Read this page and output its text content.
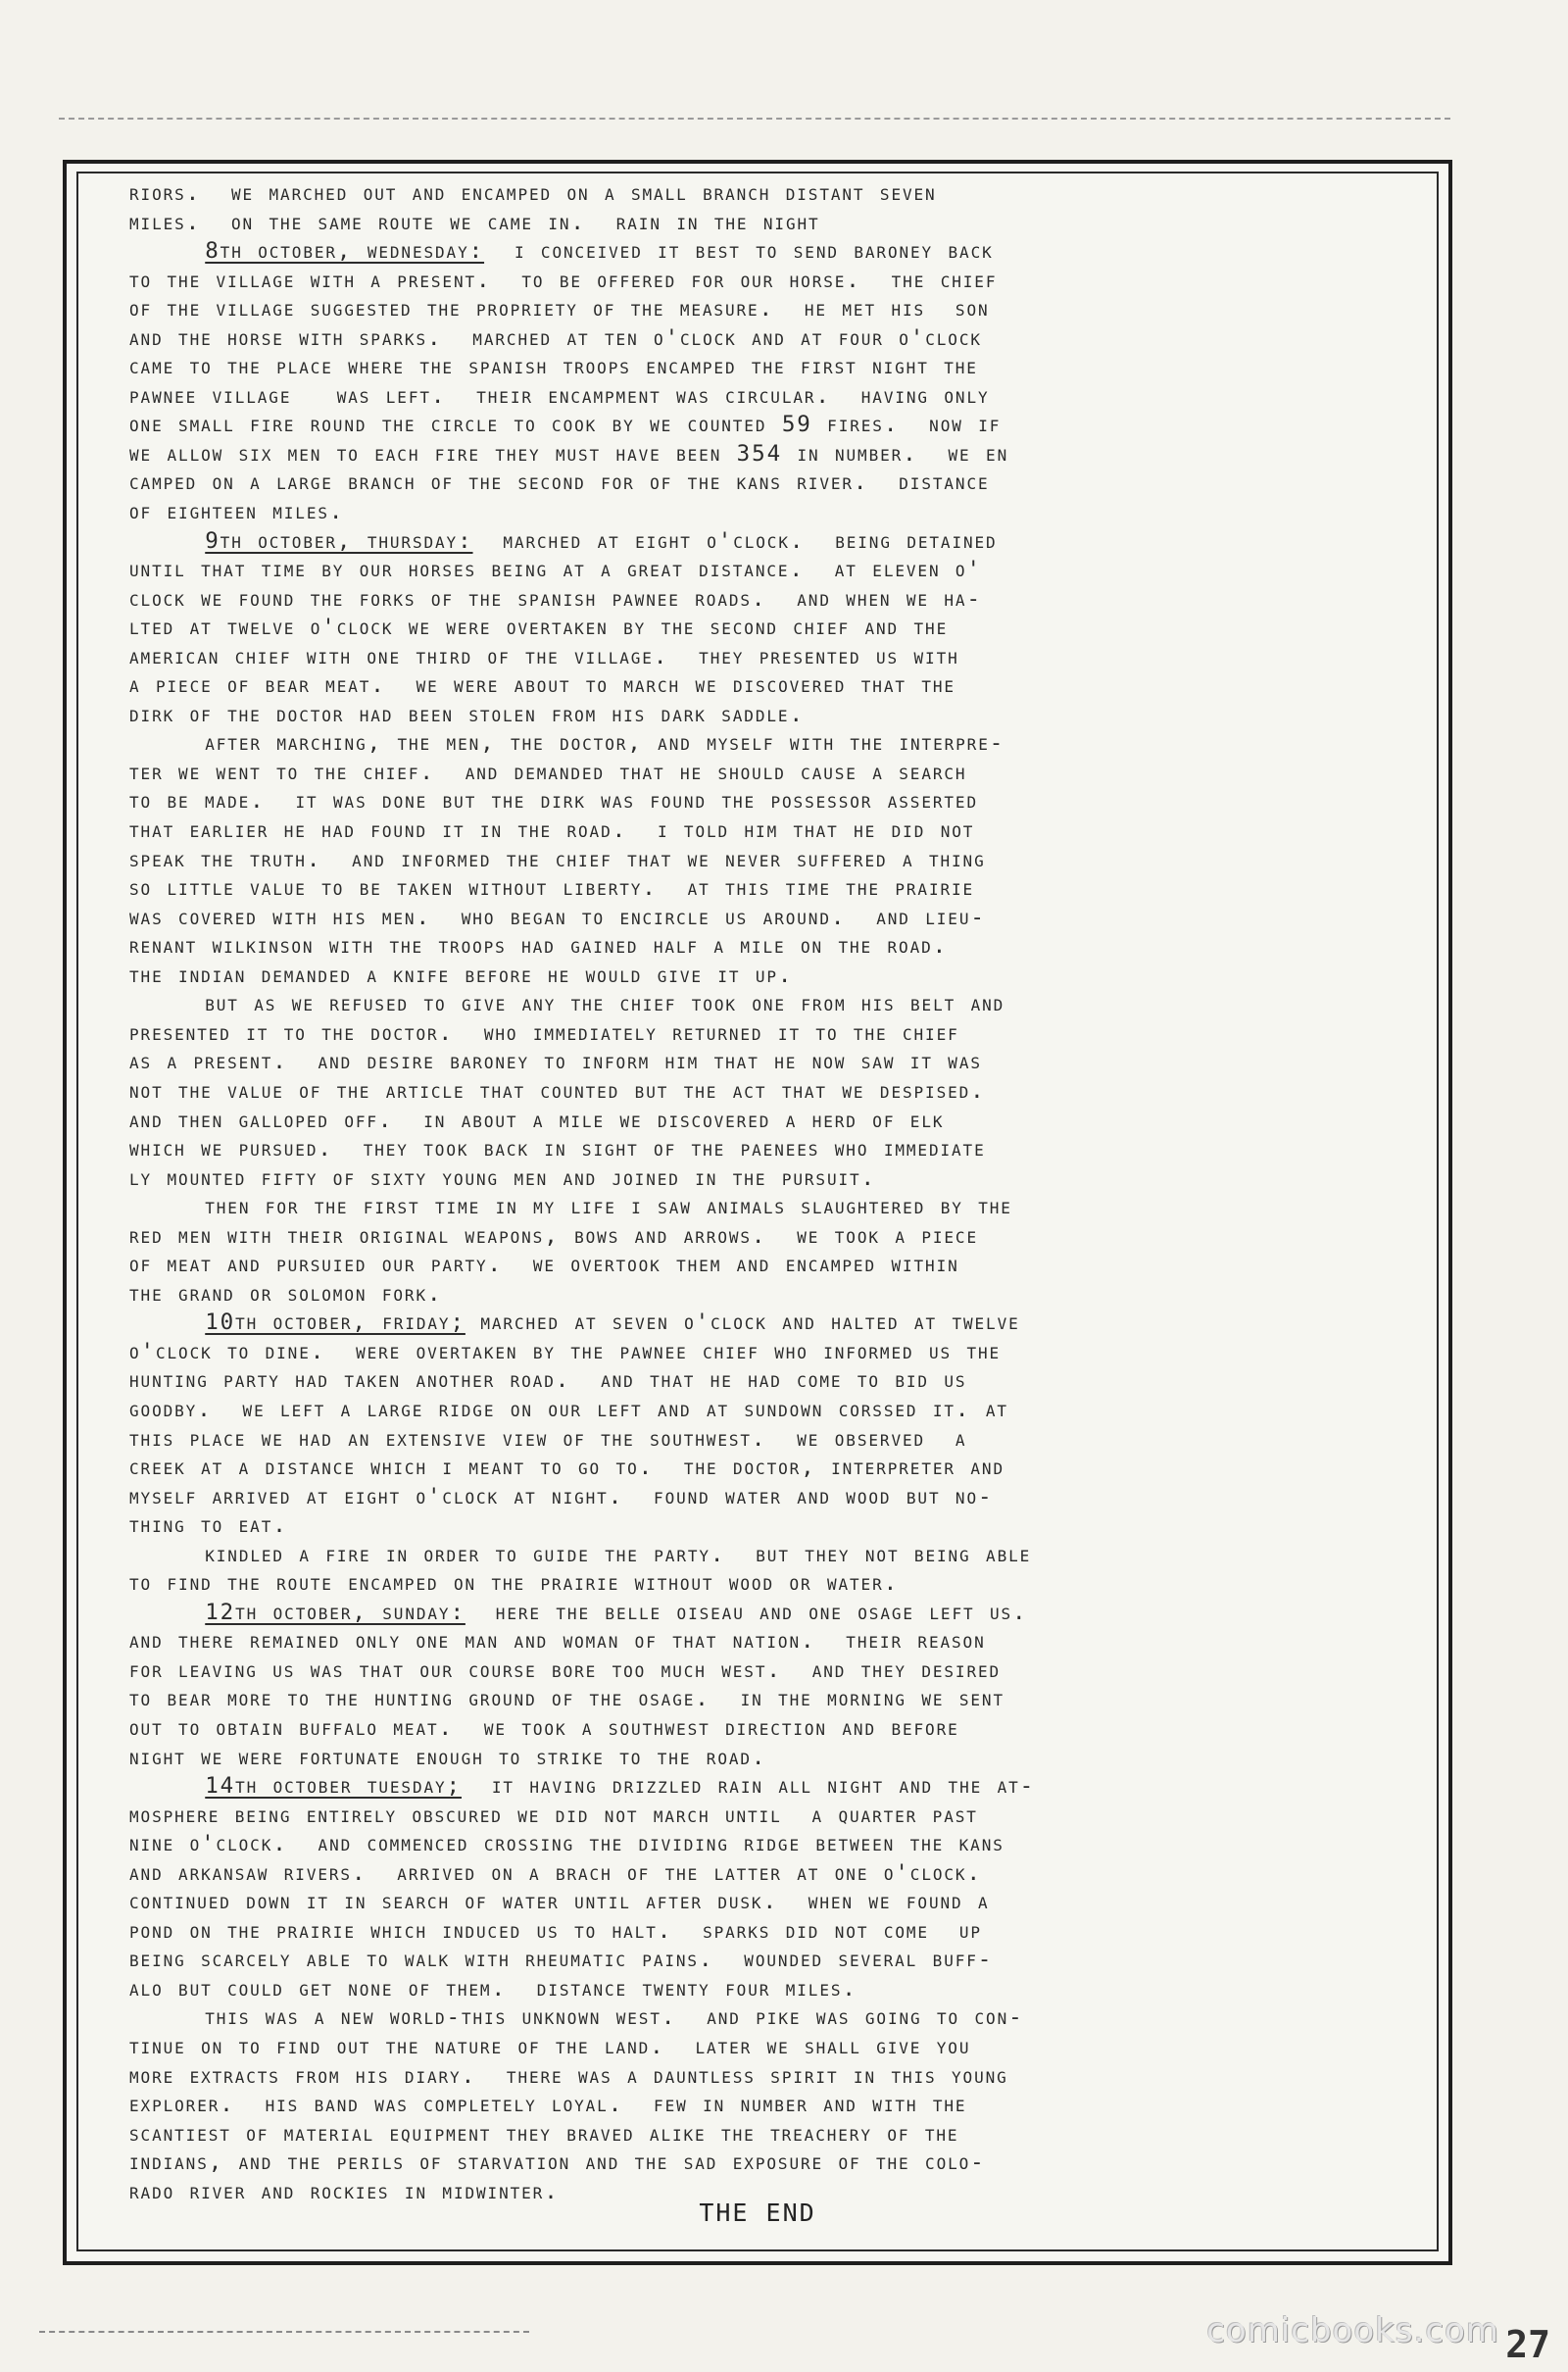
riors.  we marched out and encamped on a small branch distant seven
miles.  on the same route we came in.  rain in the night
8th october, wednesday:  i conceived it best to send baroney back
to the village with a present.  to be offered for our horse.  the chief
of the village suggested the propriety of the measure.  he met his  son
and the horse with sparks.  marched at ten o'clock and at four o'clock
came to the place where the spanish troops encamped the first night the
pawnee village   was left.  their encampment was circular.  having only
one small fire round the circle to cook by we counted 59 fires.  now if
we allow six men to each fire they must have been 354 in number.  we en
camped on a large branch of the second for of the kans river.  distance
of eighteen miles.
9th october, thursday:  marched at eight o'clock.  being detained
until that time by our horses being at a great distance.  at eleven o'
clock we found the forks of the spanish pawnee roads.  and when we ha-
lted at twelve o'clock we were overtaken by the second chief and the
american chief with one third of the village.  they presented us with
a piece of bear meat.  we were about to march we discovered that the
dirk of the doctor had been stolen from his dark saddle.
after marching, the men, the doctor, and myself with the interpre-
ter we went to the chief.  and demanded that he should cause a search
to be made.  it was done but the dirk was found the possessor asserted
that earlier he had found it in the road.  i told him that he did not
speak the truth.  and informed the chief that we never suffered a thing
so little value to be taken without liberty.  at this time the prairie
was covered with his men.  who began to encircle us around.  and lieu-
renant wilkinson with the troops had gained half a mile on the road.
the indian demanded a knife before he would give it up.
but as we refused to give any the chief took one from his belt and
presented it to the doctor.  who immediately returned it to the chief
as a present.  and desire baroney to inform him that he now saw it was
not the value of the article that counted but the act that we despised.
and then galloped off.  in about a mile we discovered a herd of elk
which we pursued.  they took back in sight of the paenees who immediate
ly mounted fifty of sixty young men and joined in the pursuit.
then for the first time in my life i saw animals slaughtered by the
red men with their original weapons, bows and arrows.  we took a piece
of meat and pursuied our party.  we overtook them and encamped within
the grand or solomon fork.
10th october, friday; marched at seven o'clock and halted at twelve
o'clock to dine.  were overtaken by the pawnee chief who informed us the
hunting party had taken another road.  and that he had come to bid us
goodby.  we left a large ridge on our left and at sundown corssed it. at
this place we had an extensive view of the southwest.  we observed  a
creek at a distance which i meant to go to.  the doctor, interpreter and
myself arrived at eight o'clock at night.  found water and wood but no-
thing to eat.
kindled a fire in order to guide the party.  but they not being able
to find the route encamped on the prairie without wood or water.
12th october, sunday:  here the belle oiseau and one osage left us.
and there remained only one man and woman of that nation.  their reason
for leaving us was that our course bore too much west.  and they desired
to bear more to the hunting ground of the osage.  in the morning we sent
out to obtain buffalo meat.  we took a southwest direction and before
night we were fortunate enough to strike to the road.
14th october tuesday;  it having drizzled rain all night and the at-
mosphere being entirely obscured we did not march until  a quarter past
nine o'clock.  and commenced crossing the dividing ridge between the kans
and arkansaw rivers.  arrived on a brach of the latter at one o'clock.
continued down it in search of water until after dusk.  when we found a
pond on the prairie which induced us to halt.  sparks did not come  up
being scarcely able to walk with rheumatic pains.  wounded several buff-
alo but could get none of them.  distance twenty four miles.
this was a new world-this unknown west.  and pike was going to con-
tinue on to find out the nature of the land.  later we shall give you
more extracts from his diary.  there was a dauntless spirit in this young
explorer.  his band was completely loyal.  few in number and with the
scantiest of material equipment they braved alike the treachery of the
indians, and the perils of starvation and the sad exposure of the colo-
rado river and rockies in midwinter.
THE END
comicbooks.com 27
